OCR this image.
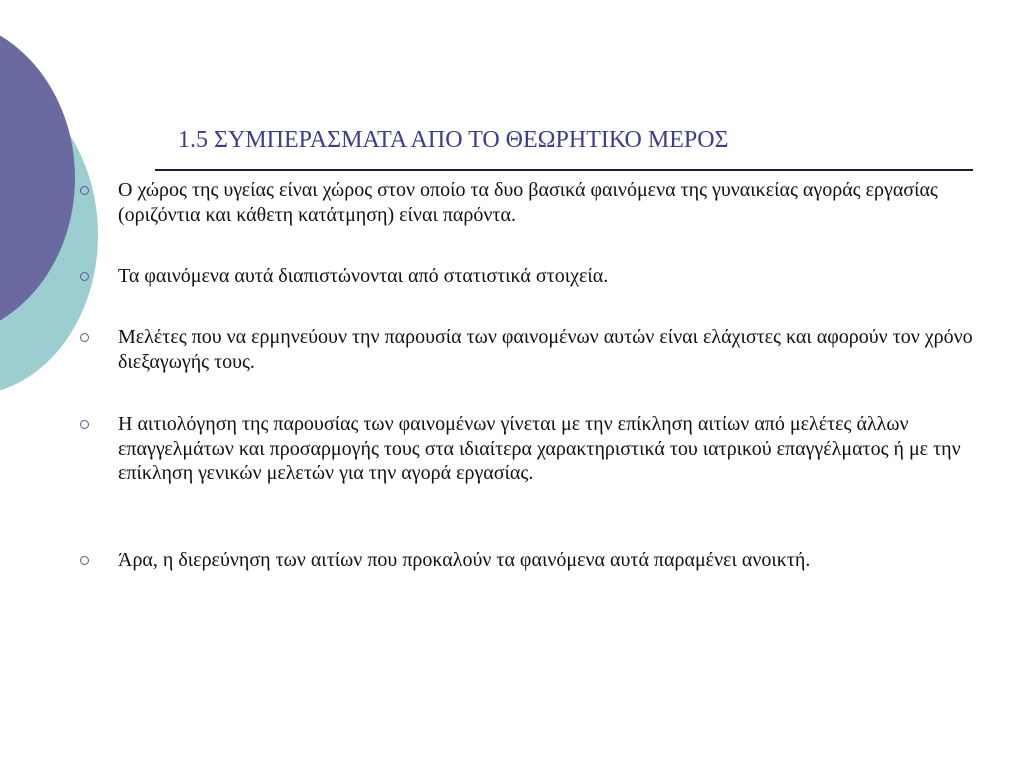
1.5 ΣΥΜΠΕΡΑΣΜΑΤΑ ΑΠΟ ΤΟ ΘΕΩΡΗΤΙΚΟ ΜΕΡΟΣ
Ο χώρος της υγείας είναι χώρος στον οποίο τα δυο βασικά φαινόμενα της γυναικείας αγοράς εργασίας (οριζόντια και κάθετη κατάτμηση) είναι παρόντα.
Τα φαινόμενα αυτά διαπιστώνονται από στατιστικά στοιχεία.
Μελέτες που να ερμηνεύουν την παρουσία των φαινομένων αυτών είναι ελάχιστες και αφορούν τον χρόνο διεξαγωγής τους.
Η αιτιολόγηση της παρουσίας των φαινομένων γίνεται με την επίκληση αιτίων από μελέτες άλλων επαγγελμάτων και προσαρμογής τους στα ιδιαίτερα χαρακτηριστικά του ιατρικού επαγγέλματος ή με την επίκληση γενικών μελετών για την αγορά εργασίας.
Άρα, η διερεύνηση των αιτίων που προκαλούν τα φαινόμενα αυτά παραμένει ανοικτή.
